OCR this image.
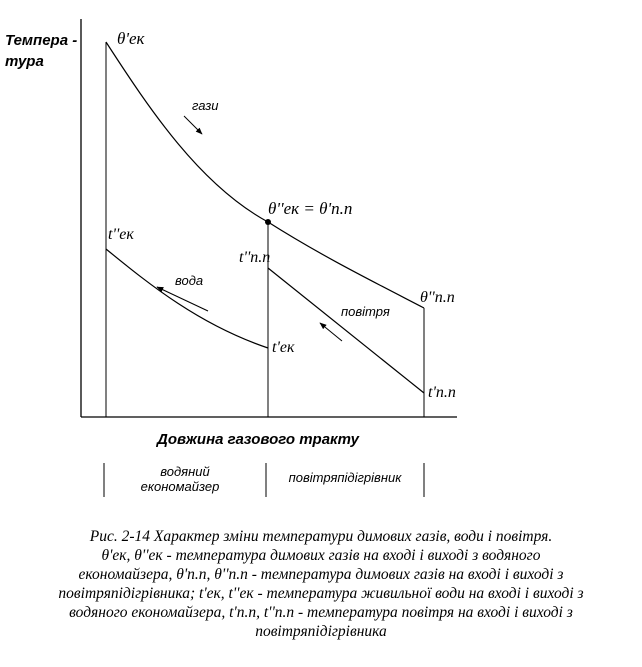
Темпера -
тура
θ'ек
гази
θ''ек = θ'п.п
θ''п.п
t''ек
вода
t'ек
t''п.п
повітря
t'п.п
Довжина газового тракту
водяний
економайзер
повітряпідігрівник
Рис. 2-14 Характер зміни температури димових газів, води і повітря.
θ'ек, θ''ек - температура димових газів на вході і виході з водяного
економайзера, θ'п.п, θ''п.п - температура димових газів на вході і виході з
повітряпідігрівника; t'ек, t''ек - температура живильної води на вході і виході з
водяного економайзера, t'п.п, t''п.п - температура повітря на вході і виході з
повітряпідігрівника
